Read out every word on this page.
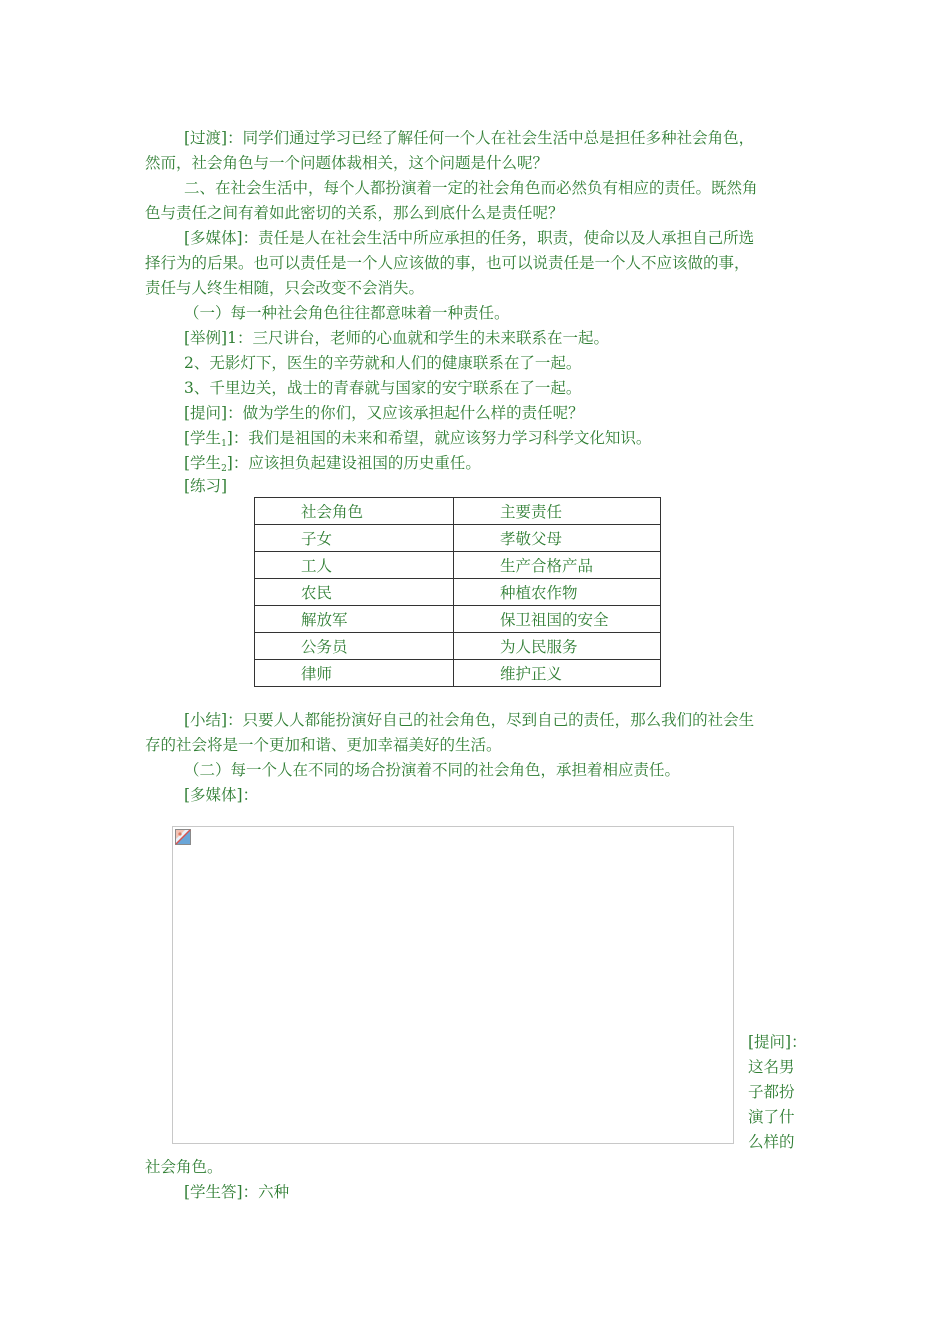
[过渡]：同学们通过学习已经了解任何一个人在社会生活中总是担任多种社会角色，

然而，社会角色与一个问题体裁相关，这个问题是什么呢？

二、在社会生活中，每个人都扮演着一定的社会角色而必然负有相应的责任。既然角

色与责任之间有着如此密切的关系，那么到底什么是责任呢？

[多媒体]：责任是人在社会生活中所应承担的任务，职责，使命以及人承担自己所选

择行为的后果。也可以责任是一个人应该做的事，也可以说责任是一个人不应该做的事，

责任与人终生相随，只会改变不会消失。

（一）每一种社会角色往往都意味着一种责任。

[举例]1：三尺讲台，老师的心血就和学生的未来联系在一起。

2、无影灯下，医生的辛劳就和人们的健康联系在了一起。

3、千里边关，战士的青春就与国家的安宁联系在了一起。

[提问]：做为学生的你们，又应该承担起什么样的责任呢？

[学生$_1$]：我们是祖国的未来和希望，就应该努力学习科学文化知识。

[学生$_2$]：应该担负起建设祖国的历史重任。

[练习]

社会角色	主要责任
子女	孝敬父母
工人	生产合格产品
农民	种植农作物
解放军	保卫祖国的安全
公务员	为人民服务
律师	维护正义

[小结]：只要人人都能扮演好自己的社会角色，尽到自己的责任，那么我们的社会生

存的社会将是一个更加和谐、更加幸福美好的生活。

（二）每一个人在不同的场合扮演着不同的社会角色，承担着相应责任。

[多媒体]：

[提问]：这名男子都扮演了什么样的

社会角色。

[学生答]：六种
